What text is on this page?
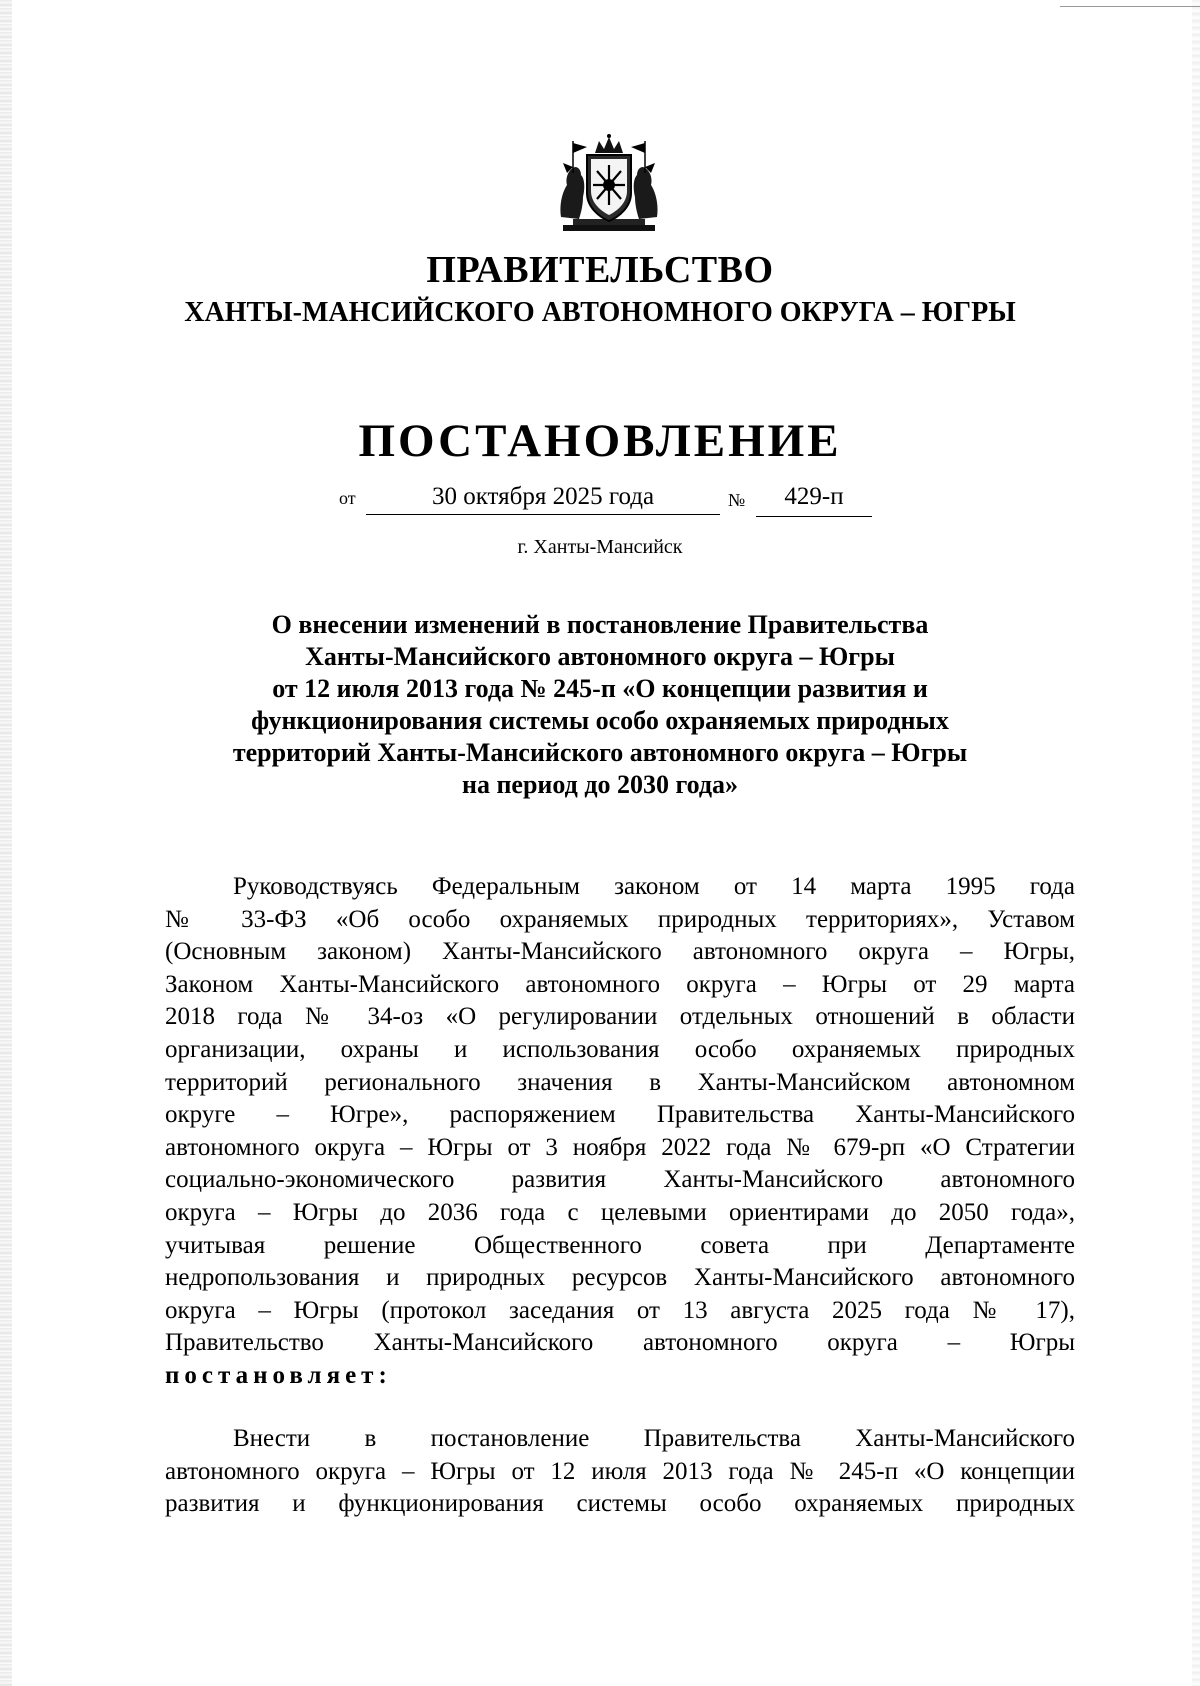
ПРАВИТЕЛЬСТВО
ХАНТЫ-МАНСИЙСКОГО АВТОНОМНОГО ОКРУГА – ЮГРЫ
ПОСТАНОВЛЕНИЕ
от	30 октября 2025 года	№	429-п
г. Ханты-Мансийск
О внесении изменений в постановление Правительства
Ханты-Мансийского автономного округа – Югры
от 12 июля 2013 года № 245-п «О концепции развития и
функционирования системы особо охраняемых природных
территорий Ханты-Мансийского автономного округа – Югры
на период до 2030 года»
Руководствуясь Федеральным законом от 14 марта 1995 года
№ 33-ФЗ «Об особо охраняемых природных территориях», Уставом
(Основным законом) Ханты-Мансийского автономного округа – Югры,
Законом Ханты-Мансийского автономного округа – Югры от 29 марта
2018 года № 34-оз «О регулировании отдельных отношений в области
организации, охраны и использования особо охраняемых природных
территорий регионального значения в Ханты-Мансийском автономном
округе – Югре», распоряжением Правительства Ханты-Мансийского
автономного округа – Югры от 3 ноября 2022 года № 679-рп «О Стратегии
социально-экономического развития Ханты-Мансийского автономного
округа – Югры до 2036 года с целевыми ориентирами до 2050 года»,
учитывая решение Общественного совета при Департаменте
недропользования и природных ресурсов Ханты-Мансийского автономного
округа – Югры (протокол заседания от 13 августа 2025 года № 17),
Правительство Ханты-Мансийского автономного округа – Югры
постановляет:
Внести в постановление Правительства Ханты-Мансийского
автономного округа – Югры от 12 июля 2013 года № 245-п «О концепции
развития и функционирования системы особо охраняемых природных
